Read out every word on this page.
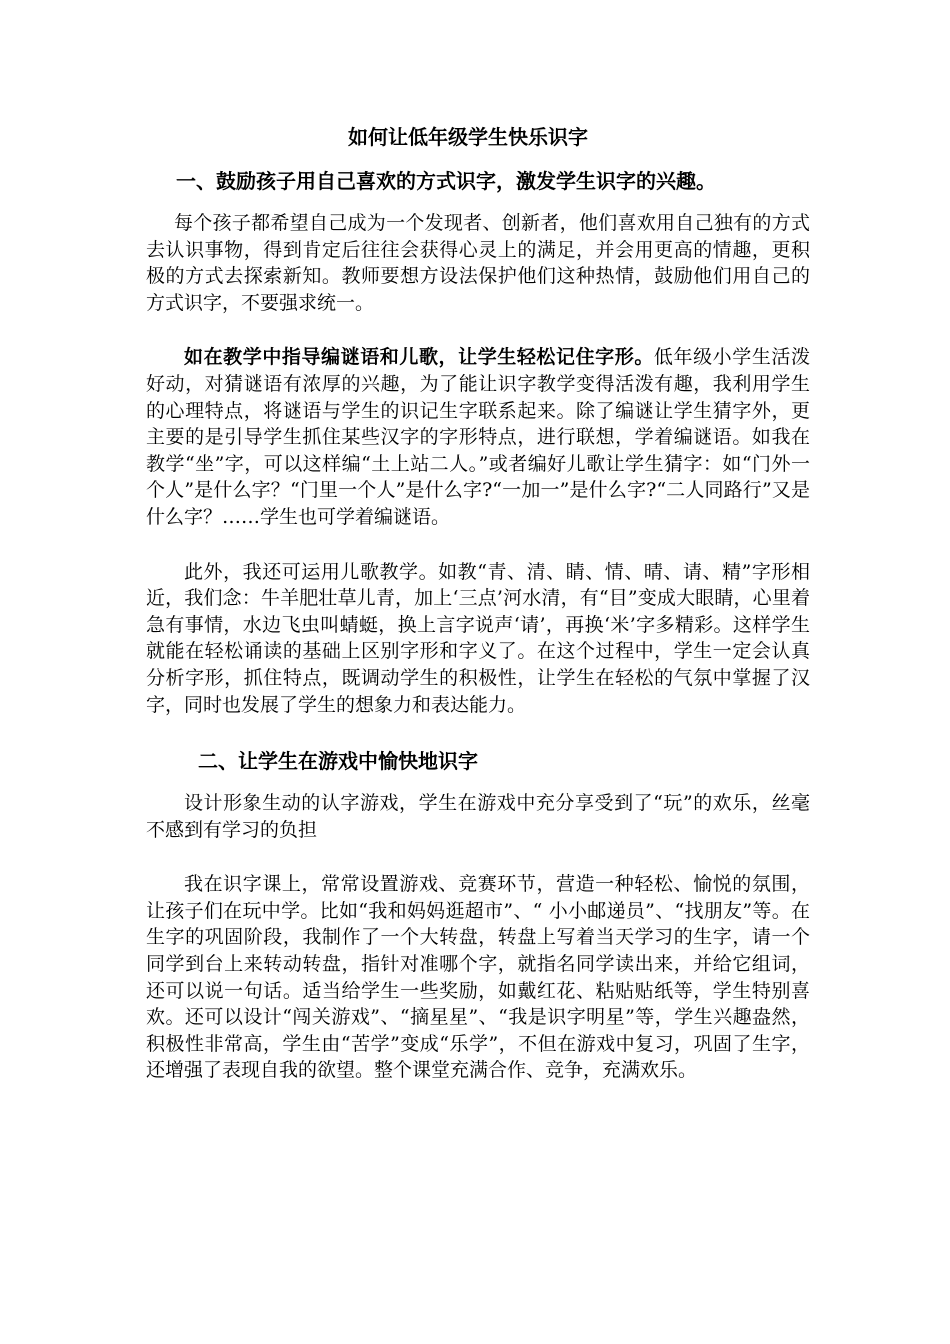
如何让低年级学生快乐识字
一、鼓励孩子用自己喜欢的方式识字，激发学生识字的兴趣。

每个孩子都希望自己成为一个发现者、创新者，他们喜欢用自己独有的方式去认识事物，得到肯定后往往会获得心灵上的满足，并会用更高的情趣，更积极的方式去探索新知。教师要想方设法保护他们这种热情，鼓励他们用自己的方式识字，不要强求统一。

如在教学中指导编谜语和儿歌，让学生轻松记住字形。低年级小学生活泼好动，对猜谜语有浓厚的兴趣，为了能让识字教学变得活泼有趣，我利用学生的心理特点，将谜语与学生的识记生字联系起来。除了编谜让学生猜字外，更主要的是引导学生抓住某些汉字的字形特点，进行联想，学着编谜语。如我在教学“坐”字，可以这样编“土上站二人。”或者编好儿歌让学生猜字：如“门外一个人”是什么字？“门里一个人”是什么字?“一加一”是什么字?“二人同路行”又是什么字？……学生也可学着编谜语。

此外，我还可运用儿歌教学。如教“青、清、睛、情、晴、请、精”字形相近，我们念：牛羊肥壮草儿青，加上‘三点’河水清，有“目”变成大眼睛，心里着急有事情，水边飞虫叫蜻蜓，换上言字说声‘请’，再换‘米’字多精彩。这样学生就能在轻松诵读的基础上区别字形和字义了。在这个过程中，学生一定会认真分析字形，抓住特点，既调动学生的积极性，让学生在轻松的气氛中掌握了汉字，同时也发展了学生的想象力和表达能力。

二、让学生在游戏中愉快地识字

设计形象生动的认字游戏，学生在游戏中充分享受到了“玩”的欢乐，丝毫不感到有学习的负担

我在识字课上，常常设置游戏、竞赛环节，营造一种轻松、愉悦的氛围，让孩子们在玩中学。比如“我和妈妈逛超市”、“ 小小邮递员”、“找朋友”等。在生字的巩固阶段，我制作了一个大转盘，转盘上写着当天学习的生字，请一个同学到台上来转动转盘，指针对准哪个字，就指名同学读出来，并给它组词，还可以说一句话。适当给学生一些奖励，如戴红花、粘贴贴纸等，学生特别喜欢。还可以设计“闯关游戏”、“摘星星”、“我是识字明星”等，学生兴趣盎然，积极性非常高，学生由“苦学”变成“乐学”，不但在游戏中复习，巩固了生字，还增强了表现自我的欲望。整个课堂充满合作、竞争，充满欢乐。
